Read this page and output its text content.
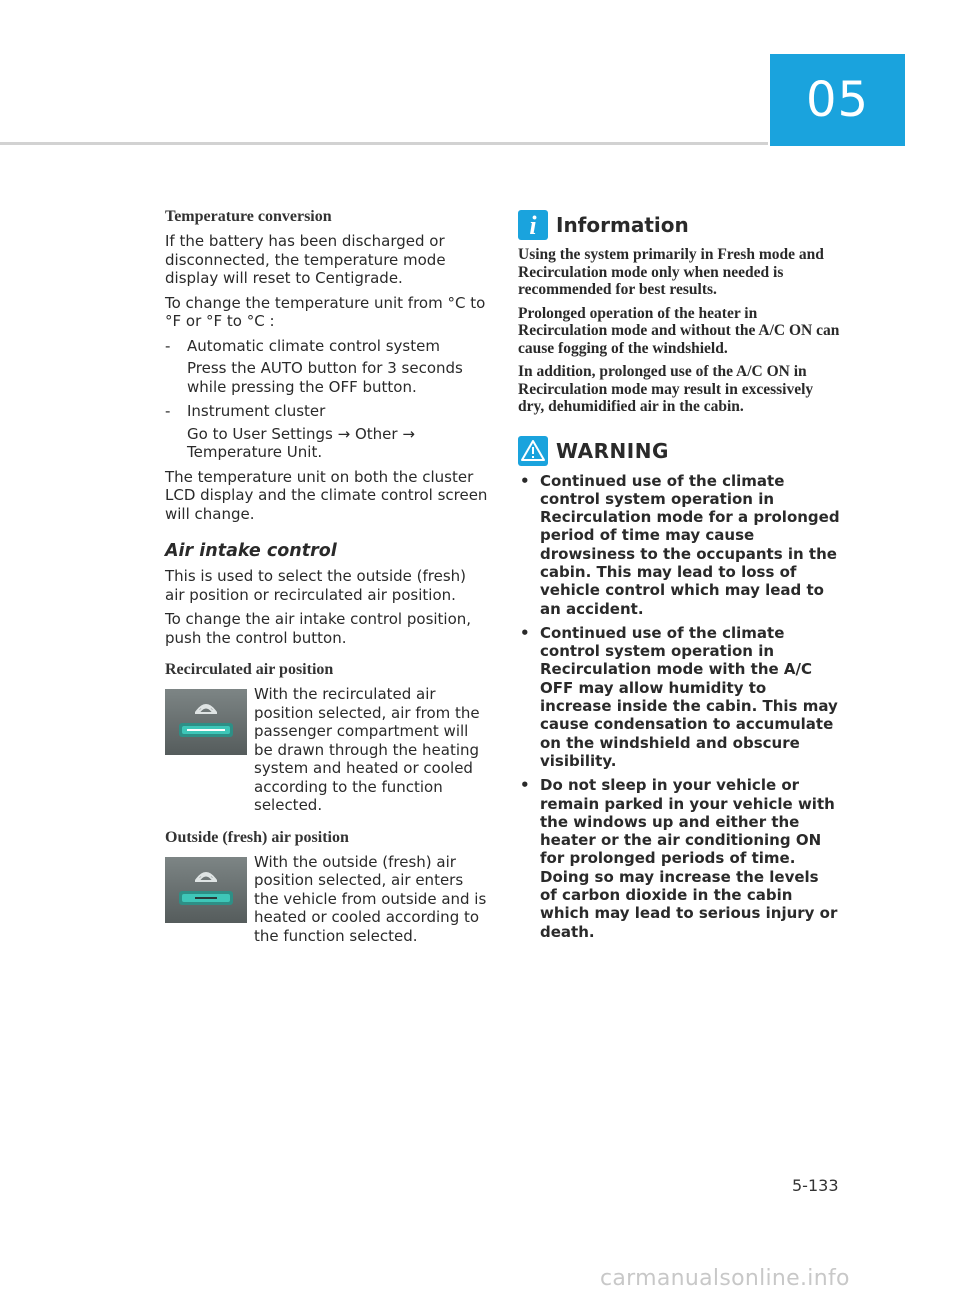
05
Temperature conversion

If the battery has been discharged or disconnected, the temperature mode display will reset to Centigrade.

To change the temperature unit from °C to °F or °F to °C :

- Automatic climate control system

Press the AUTO button for 3 seconds while pressing the OFF button.

- Instrument cluster

Go to User Settings → Other → Temperature Unit.

The temperature unit on both the cluster LCD display and the climate control screen will change.

Air intake control

This is used to select the outside (fresh) air position or recirculated air position.

To change the air intake control position, push the control button.

Recirculated air position
With the recirculated air position selected, air from the passenger compartment will be drawn through the heating system and heated or cooled according to the function selected.
Outside (fresh) air position
With the outside (fresh) air position selected, air enters the vehicle from outside and is heated or cooled according to the function selected.
i Information

Using the system primarily in Fresh mode and Recirculation mode only when needed is recommended for best results.

Prolonged operation of the heater in Recirculation mode and without the A/C ON can cause fogging of the windshield.

In addition, prolonged use of the A/C ON in Recirculation mode may result in excessively dry, dehumidified air in the cabin.

WARNING
• Continued use of the climate control system operation in Recirculation mode for a prolonged period of time may cause drowsiness to the occupants in the cabin. This may lead to loss of vehicle control which may lead to an accident.
• Continued use of the climate control system operation in Recirculation mode with the A/C OFF may allow humidity to increase inside the cabin. This may cause condensation to accumulate on the windshield and obscure visibility.
• Do not sleep in your vehicle or remain parked in your vehicle with the windows up and either the heater or the air conditioning ON for prolonged periods of time. Doing so may increase the levels of carbon dioxide in the cabin which may lead to serious injury or death.
5-133
carmanualsonline.info
